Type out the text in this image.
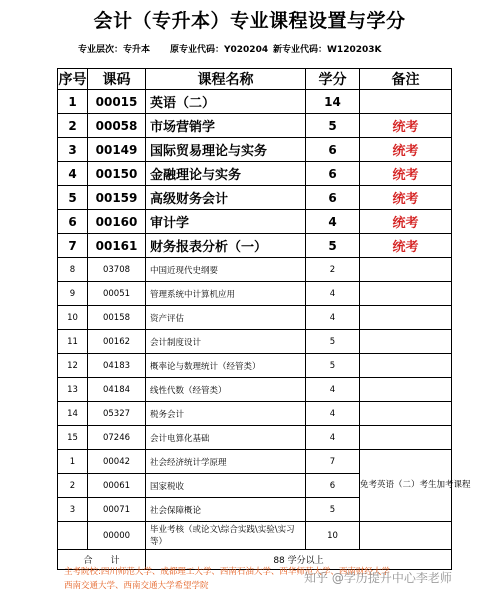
会计（专升本）专业课程设置与学分
专业层次：专升本 原专业代码：Y020204 新专业代码：W120203K
序号	课码	课程名称	学分	备注
1	00015	英语（二）	14	
2	00058	市场营销学	5	统考
3	00149	国际贸易理论与实务	6	统考
4	00150	金融理论与实务	6	统考
5	00159	高级财务会计	6	统考
6	00160	审计学	4	统考
7	00161	财务报表分析（一）	5	统考
8	03708	中国近现代史纲要	2	
9	00051	管理系统中计算机应用	4	
10	00158	资产评估	4	
11	00162	会计制度设计	5	
12	04183	概率论与数理统计（经管类）	5	
13	04184	线性代数（经管类）	4	
14	05327	税务会计	4	
15	07246	会计电算化基础	4	
1	00042	社会经济统计学原理	7	免考英语（二）考生加考课程
2	00061	国家税收	6	
3	00071	社会保障概论	5	
	00000	毕业考核（或论文\综合实践\实验\实习等）	10	
合　　计		88 学分以上		
主考院校:四川师范大学、成都理工大学、西南石油大学、西华师范大学、西南财经大学
西南交通大学、西南交通大学希望学院
知乎 @学历提升中心李老师
